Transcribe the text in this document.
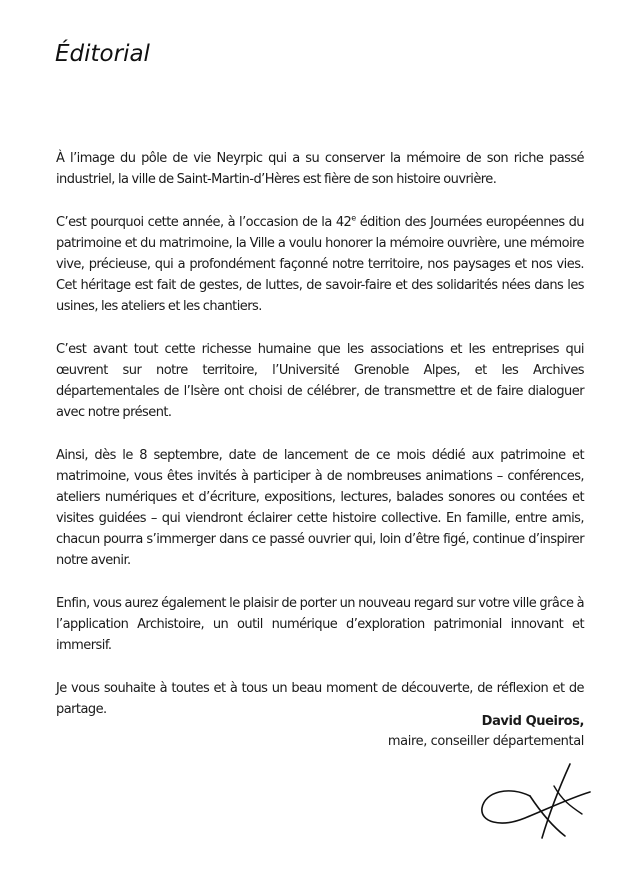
Éditorial

À l’image du pôle de vie Neyrpic qui a su conserver la mémoire de son riche passé industriel, la ville de Saint-Martin-d’Hères est fière de son histoire ouvrière.

C’est pourquoi cette année, à l’occasion de la 42e édition des Journées européennes du patrimoine et du matrimoine, la Ville a voulu honorer la mémoire ouvrière, une mémoire vive, précieuse, qui a profondément façonné notre territoire, nos paysages et nos vies. Cet héritage est fait de gestes, de luttes, de savoir-faire et des solidarités nées dans les usines, les ateliers et les chantiers.

C’est avant tout cette richesse humaine que les associations et les entreprises qui œuvrent sur notre territoire, l’Université Grenoble Alpes, et les Archives départementales de l’Isère ont choisi de célébrer, de transmettre et de faire dialoguer avec notre présent.

Ainsi, dès le 8 septembre, date de lancement de ce mois dédié aux patrimoine et matrimoine, vous êtes invités à participer à de nombreuses animations – conférences, ateliers numériques et d’écriture, expositions, lectures, balades sonores ou contées et visites guidées – qui viendront éclairer cette histoire collective. En famille, entre amis, chacun pourra s’immerger dans ce passé ouvrier qui, loin d’être figé, continue d’inspirer notre avenir.

Enfin, vous aurez également le plaisir de porter un nouveau regard sur votre ville grâce à l’application Archistoire, un outil numérique d’exploration patrimonial innovant et immersif.

Je vous souhaite à toutes et à tous un beau moment de découverte, de réflexion et de partage.

David Queiros,
maire, conseiller départemental
